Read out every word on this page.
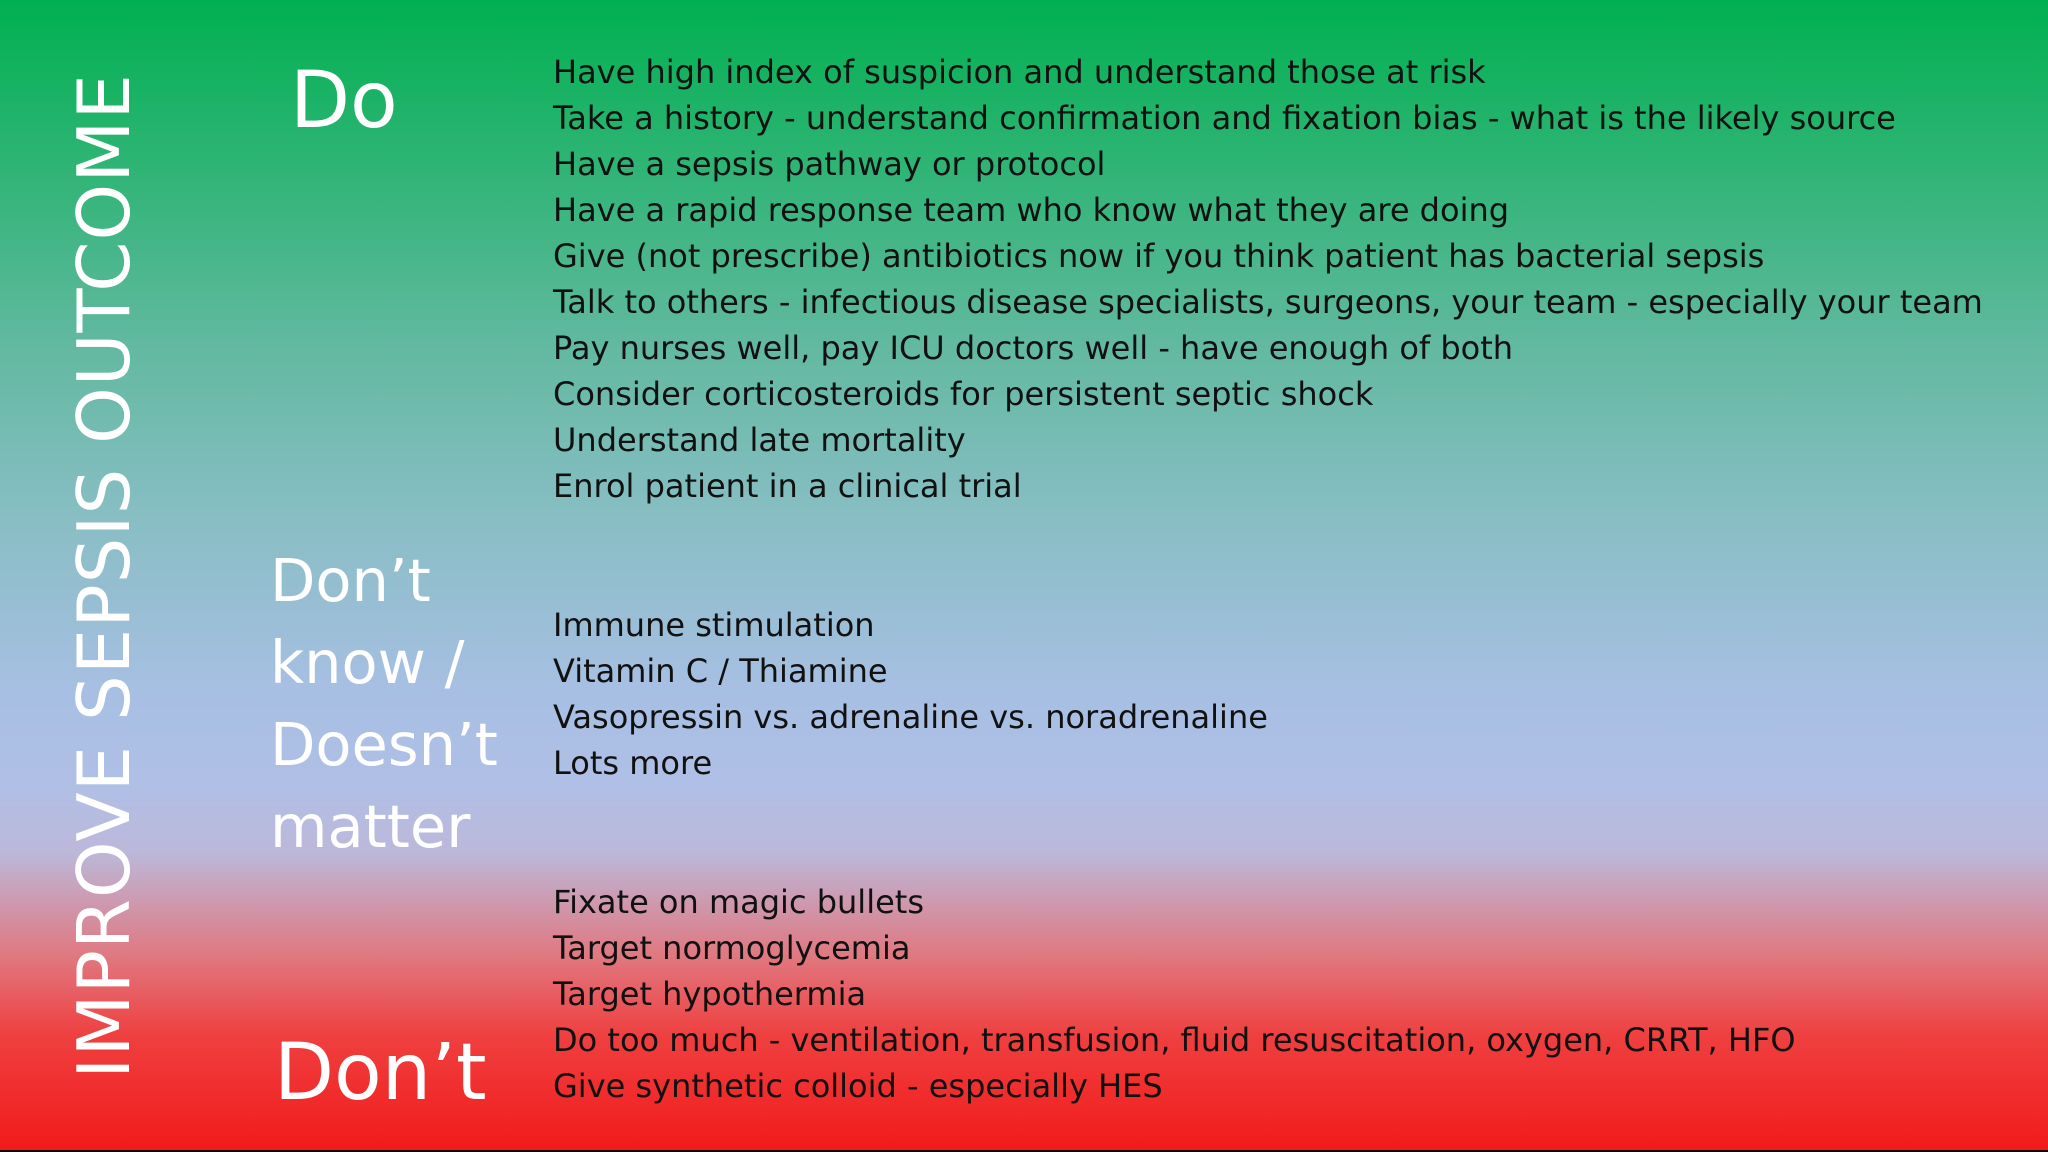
IMPROVE SEPSIS OUTCOME Do
Don’t
know /
Doesn’t
matter
Don’t
Have high index of suspicion and understand those at risk
Take a history - understand confirmation and fixation bias - what is the likely source
Have a sepsis pathway or protocol
Have a rapid response team who know what they are doing
Give (not prescribe) antibiotics now if you think patient has bacterial sepsis
Talk to others - infectious disease specialists, surgeons, your team - especially your team
Pay nurses well, pay ICU doctors well - have enough of both
Consider corticosteroids for persistent septic shock
Understand late mortality
Enrol patient in a clinical trial
Immune stimulation
Vitamin C / Thiamine
Vasopressin vs. adrenaline vs. noradrenaline
Lots more
Fixate on magic bullets
Target normoglycemia
Target hypothermia
Do too much - ventilation, transfusion, fluid resuscitation, oxygen, CRRT, HFO
Give synthetic colloid - especially HES
